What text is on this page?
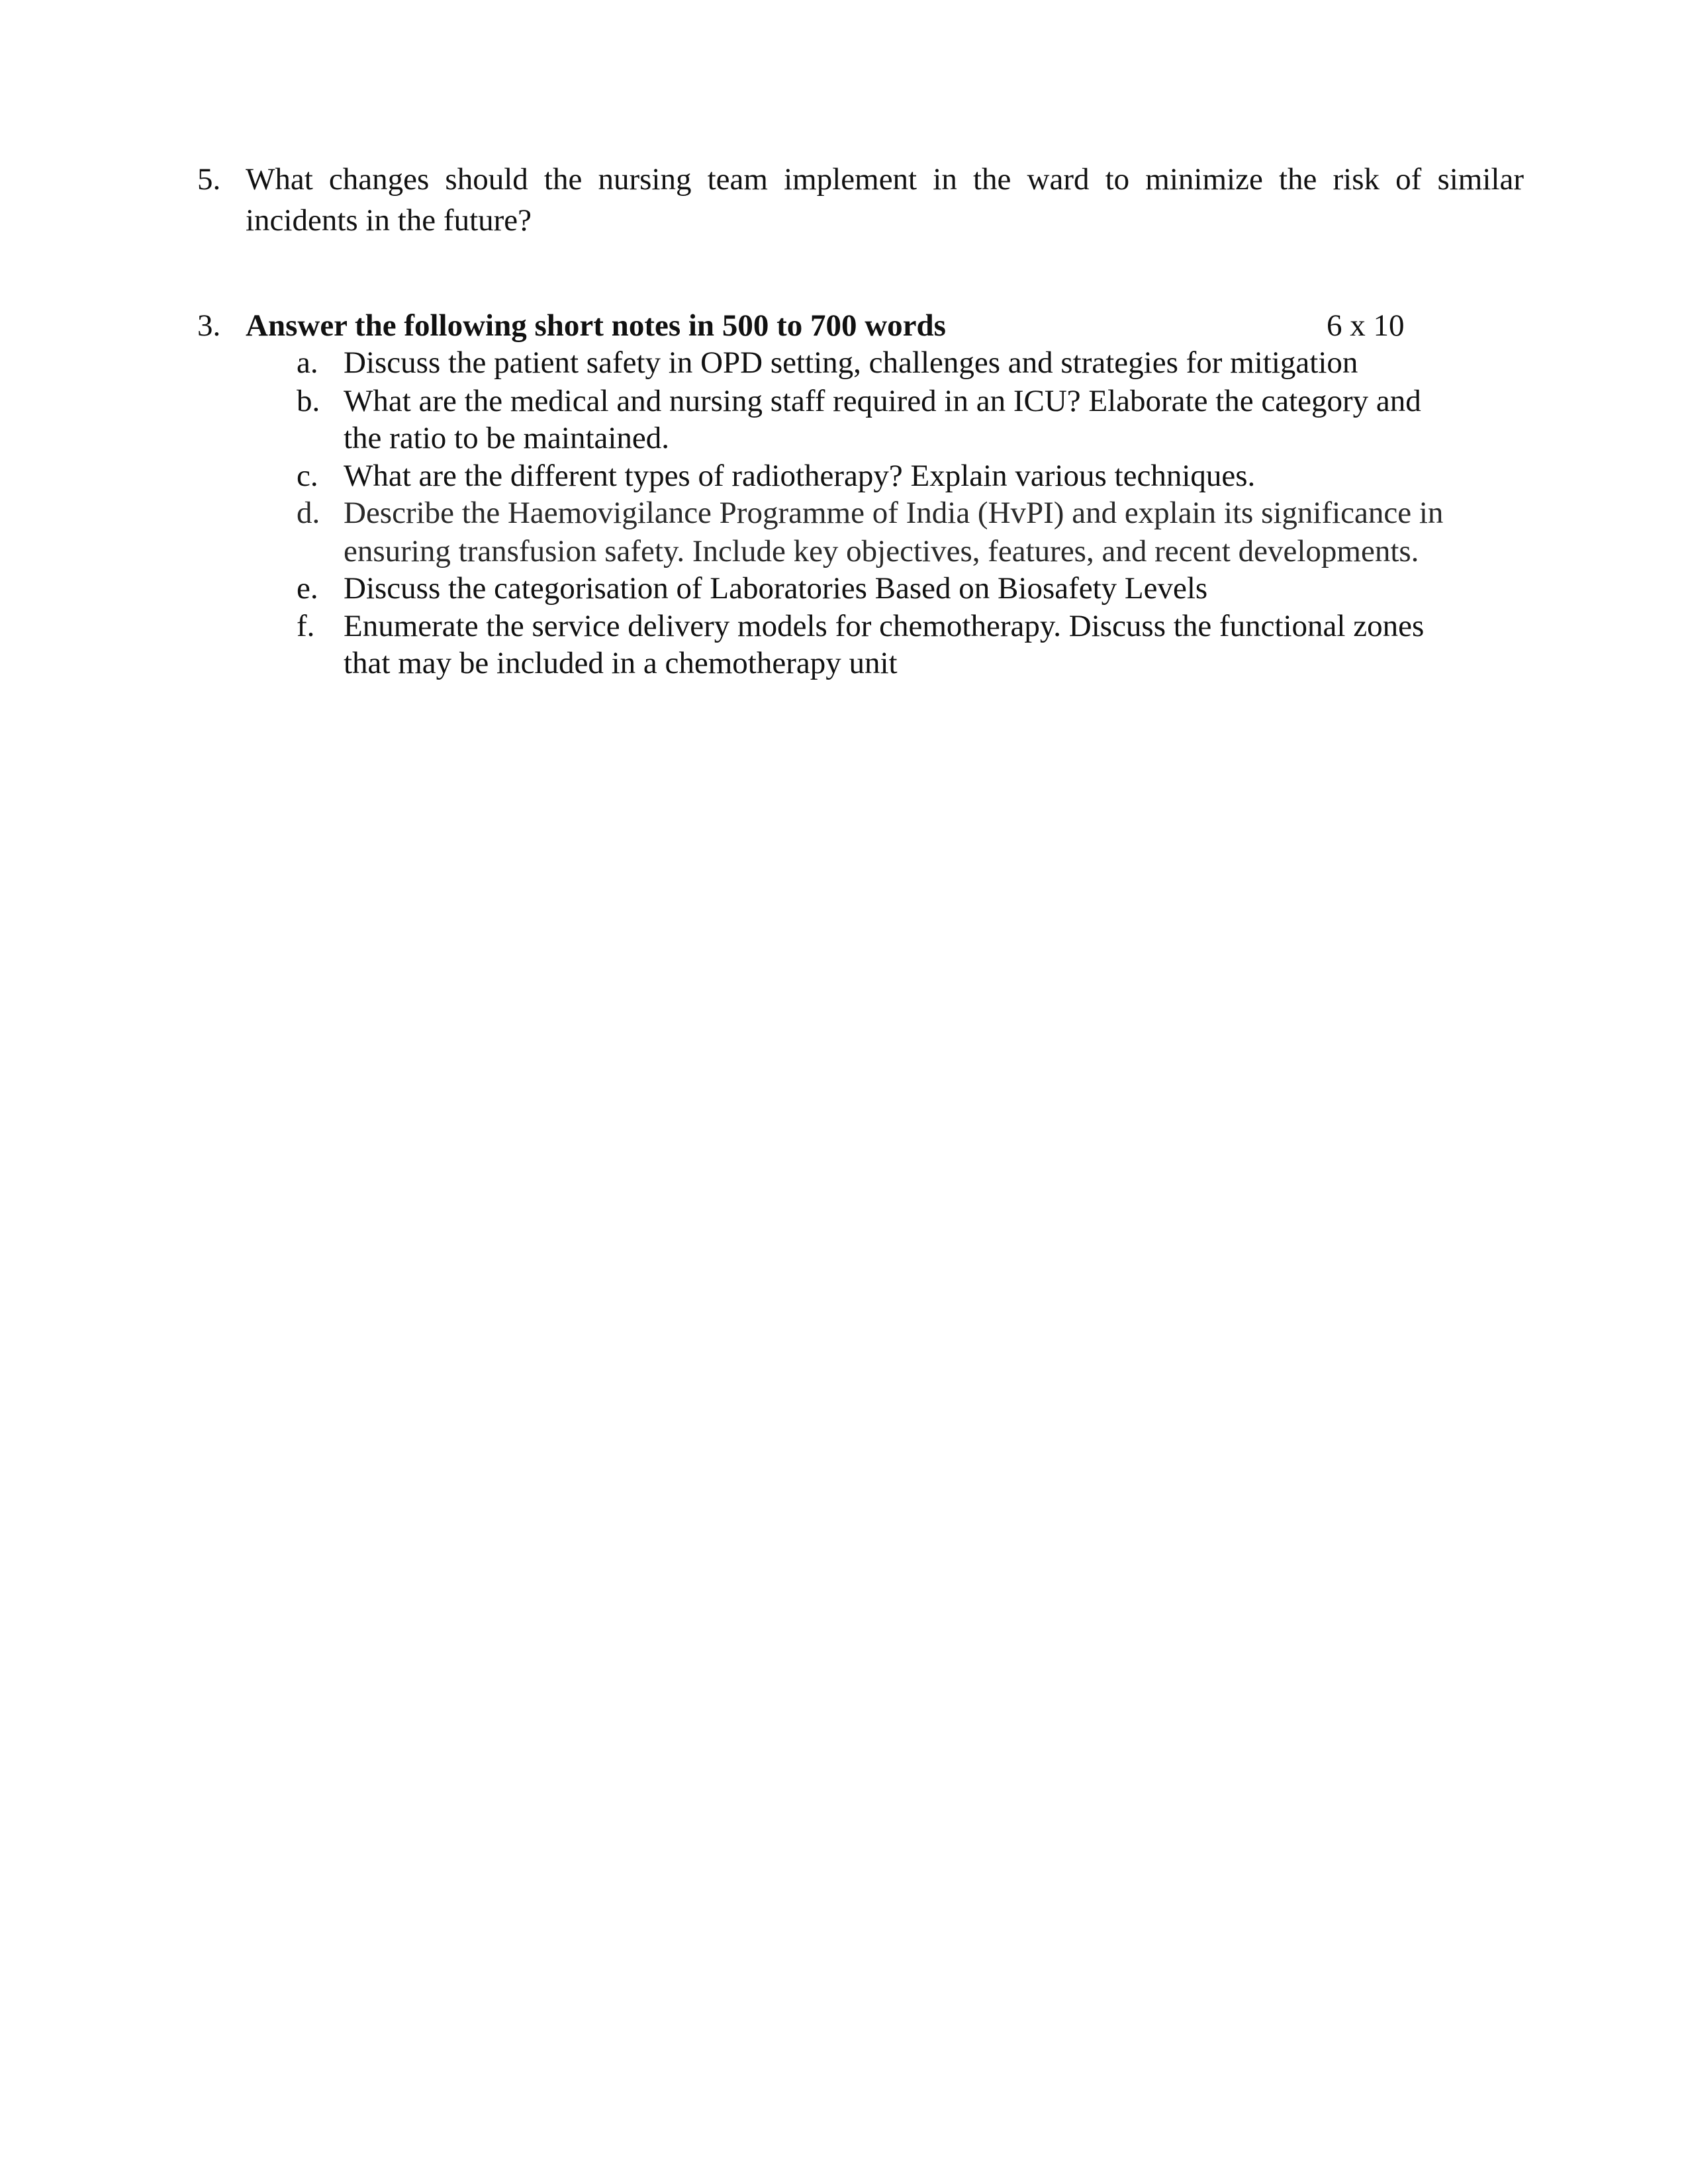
5. What changes should the nursing team implement in the ward to minimize the risk of similar
incidents in the future?
3. Answer the following short notes in 500 to 700 words	6 x 10
a. Discuss the patient safety in OPD setting, challenges and strategies for mitigation
b. What are the medical and nursing staff required in an ICU? Elaborate the category and
the ratio to be maintained.
c. What are the different types of radiotherapy? Explain various techniques.
d. Describe the Haemovigilance Programme of India (HvPI) and explain its significance in
ensuring transfusion safety. Include key objectives, features, and recent developments.
e. Discuss the categorisation of Laboratories Based on Biosafety Levels
f. Enumerate the service delivery models for chemotherapy. Discuss the functional zones
that may be included in a chemotherapy unit
